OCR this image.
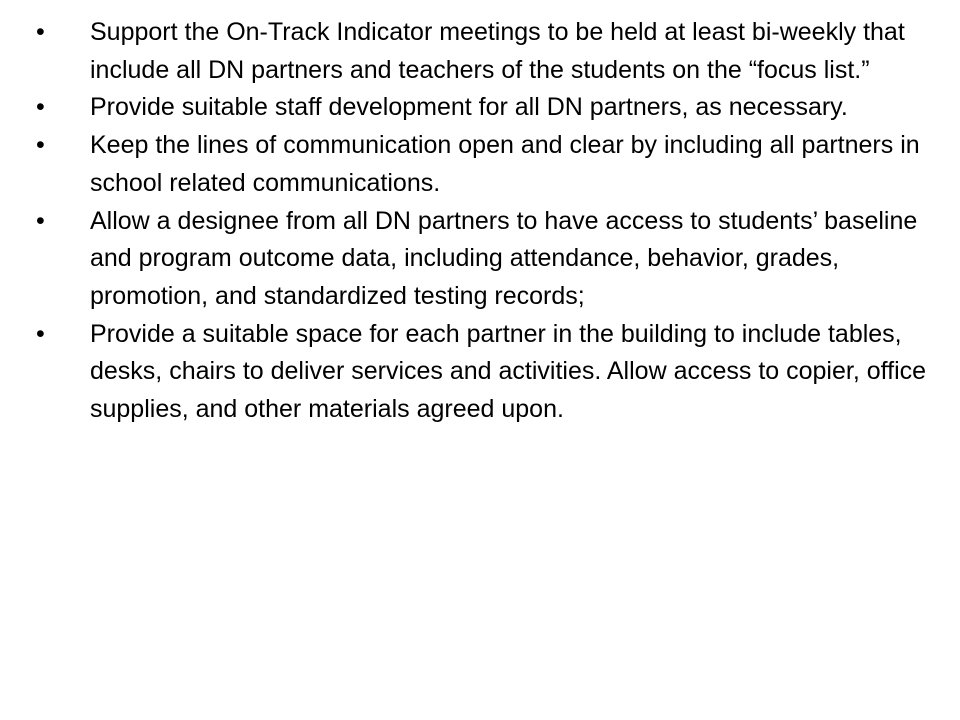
•	Support the On-Track Indicator meetings to be held at least bi-weekly that include all DN partners and teachers of the students on the “focus list.”
•	Provide suitable staff development for all DN partners, as necessary.
•	Keep the lines of communication open and clear by including all partners in school related communications.
•	Allow a designee from all DN partners to have access to students’ baseline and program outcome data, including attendance, behavior, grades, promotion, and standardized testing records;
•	Provide a suitable space for each partner in the building to include tables, desks, chairs to deliver services and activities. Allow access to copier, office supplies, and other materials agreed upon.
